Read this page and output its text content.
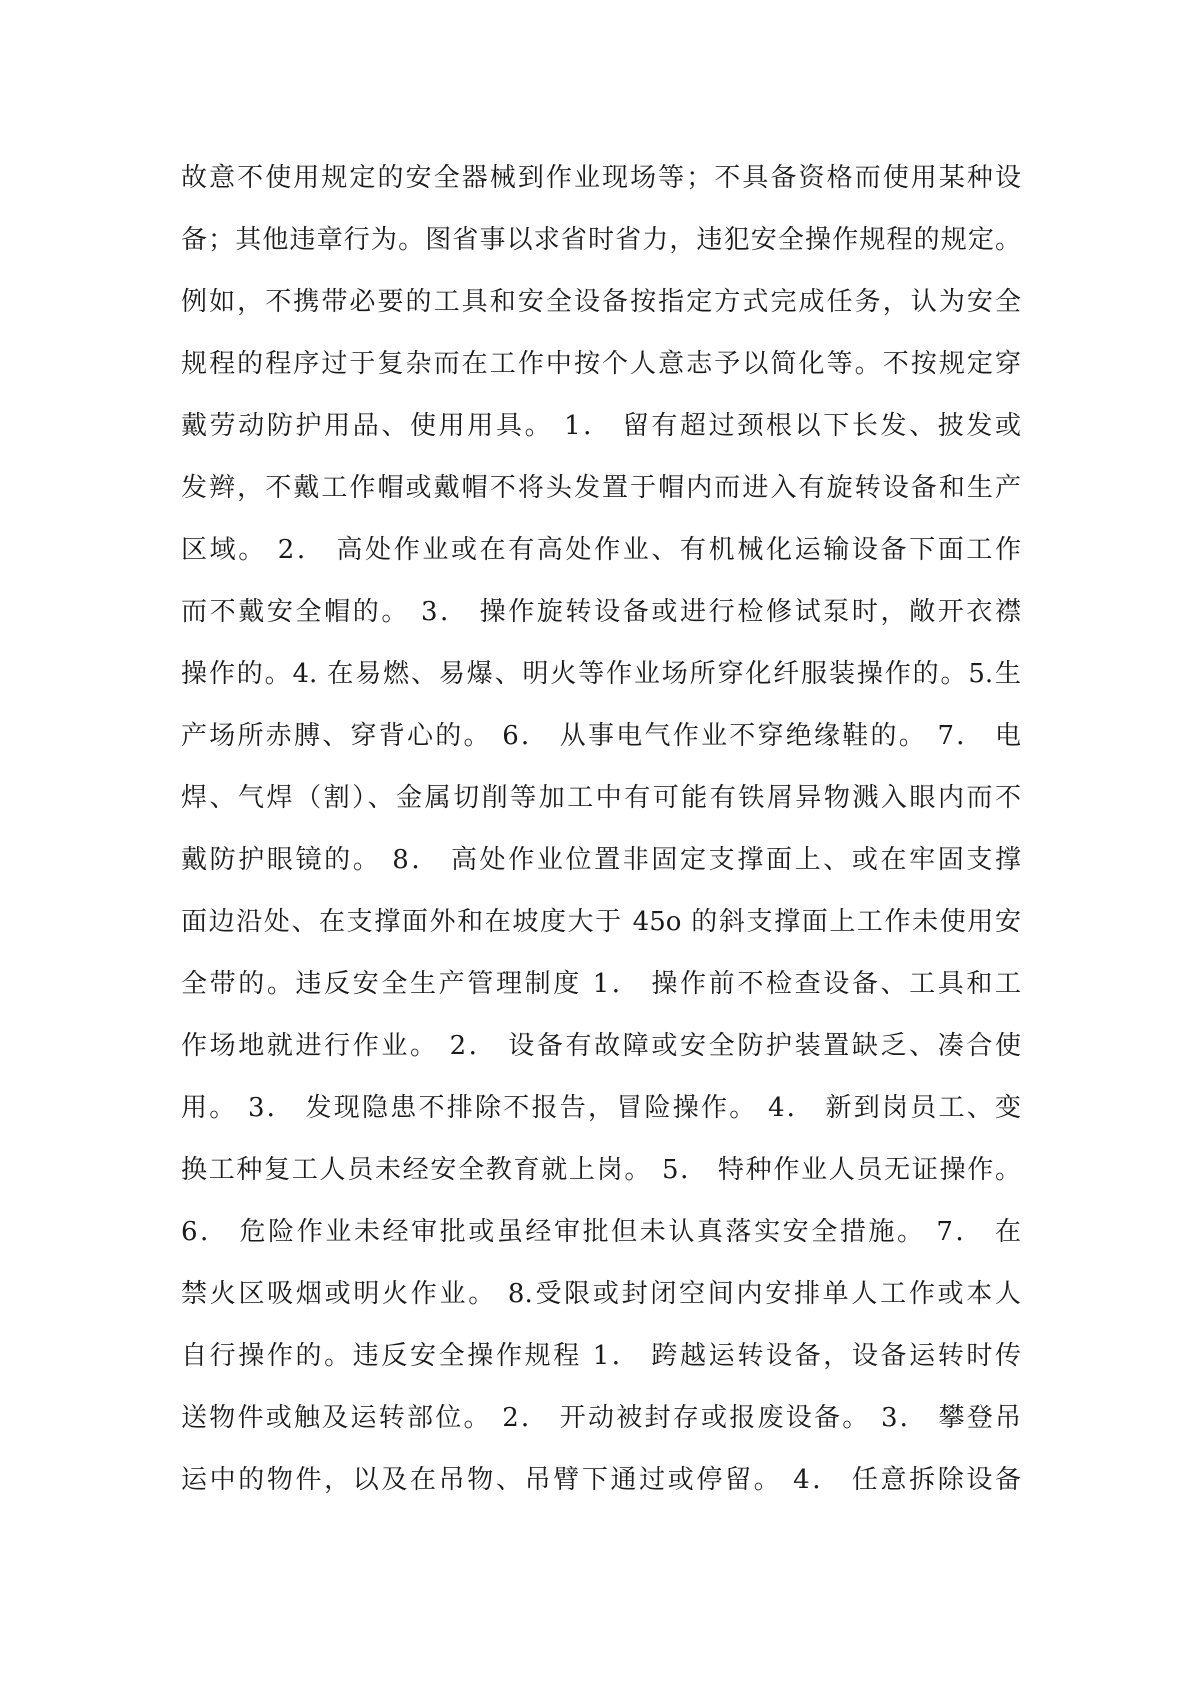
故意不使用规定的安全器械到作业现场等；不具备资格而使用某种设
备；其他违章行为。图省事以求省时省力，违犯安全操作规程的规定。
例如，不携带必要的工具和安全设备按指定方式完成任务，认为安全
规程的程序过于复杂而在工作中按个人意志予以简化等。不按规定穿
戴劳动防护用品、使用用具。 1． 留有超过颈根以下长发、披发或
发辫，不戴工作帽或戴帽不将头发置于帽内而进入有旋转设备和生产
区域。 2． 高处作业或在有高处作业、有机械化运输设备下面工作
而不戴安全帽的。 3． 操作旋转设备或进行检修试泵时，敞开衣襟
操作的。4. 在易燃、易爆、明火等作业场所穿化纤服装操作的。5.生
产场所赤膊、穿背心的。 6． 从事电气作业不穿绝缘鞋的。 7． 电
焊、气焊（割）、金属切削等加工中有可能有铁屑异物溅入眼内而不
戴防护眼镜的。 8． 高处作业位置非固定支撑面上、或在牢固支撑
面边沿处、在支撑面外和在坡度大于 45o 的斜支撑面上工作未使用安
全带的。违反安全生产管理制度 1． 操作前不检查设备、工具和工
作场地就进行作业。 2． 设备有故障或安全防护装置缺乏、凑合使
用。 3． 发现隐患不排除不报告，冒险操作。 4． 新到岗员工、变
换工种复工人员未经安全教育就上岗。 5． 特种作业人员无证操作。
6． 危险作业未经审批或虽经审批但未认真落实安全措施。 7． 在
禁火区吸烟或明火作业。 8.受限或封闭空间内安排单人工作或本人
自行操作的。违反安全操作规程 1． 跨越运转设备，设备运转时传
送物件或触及运转部位。 2． 开动被封存或报废设备。 3． 攀登吊
运中的物件，以及在吊物、吊臂下通过或停留。 4． 任意拆除设备
